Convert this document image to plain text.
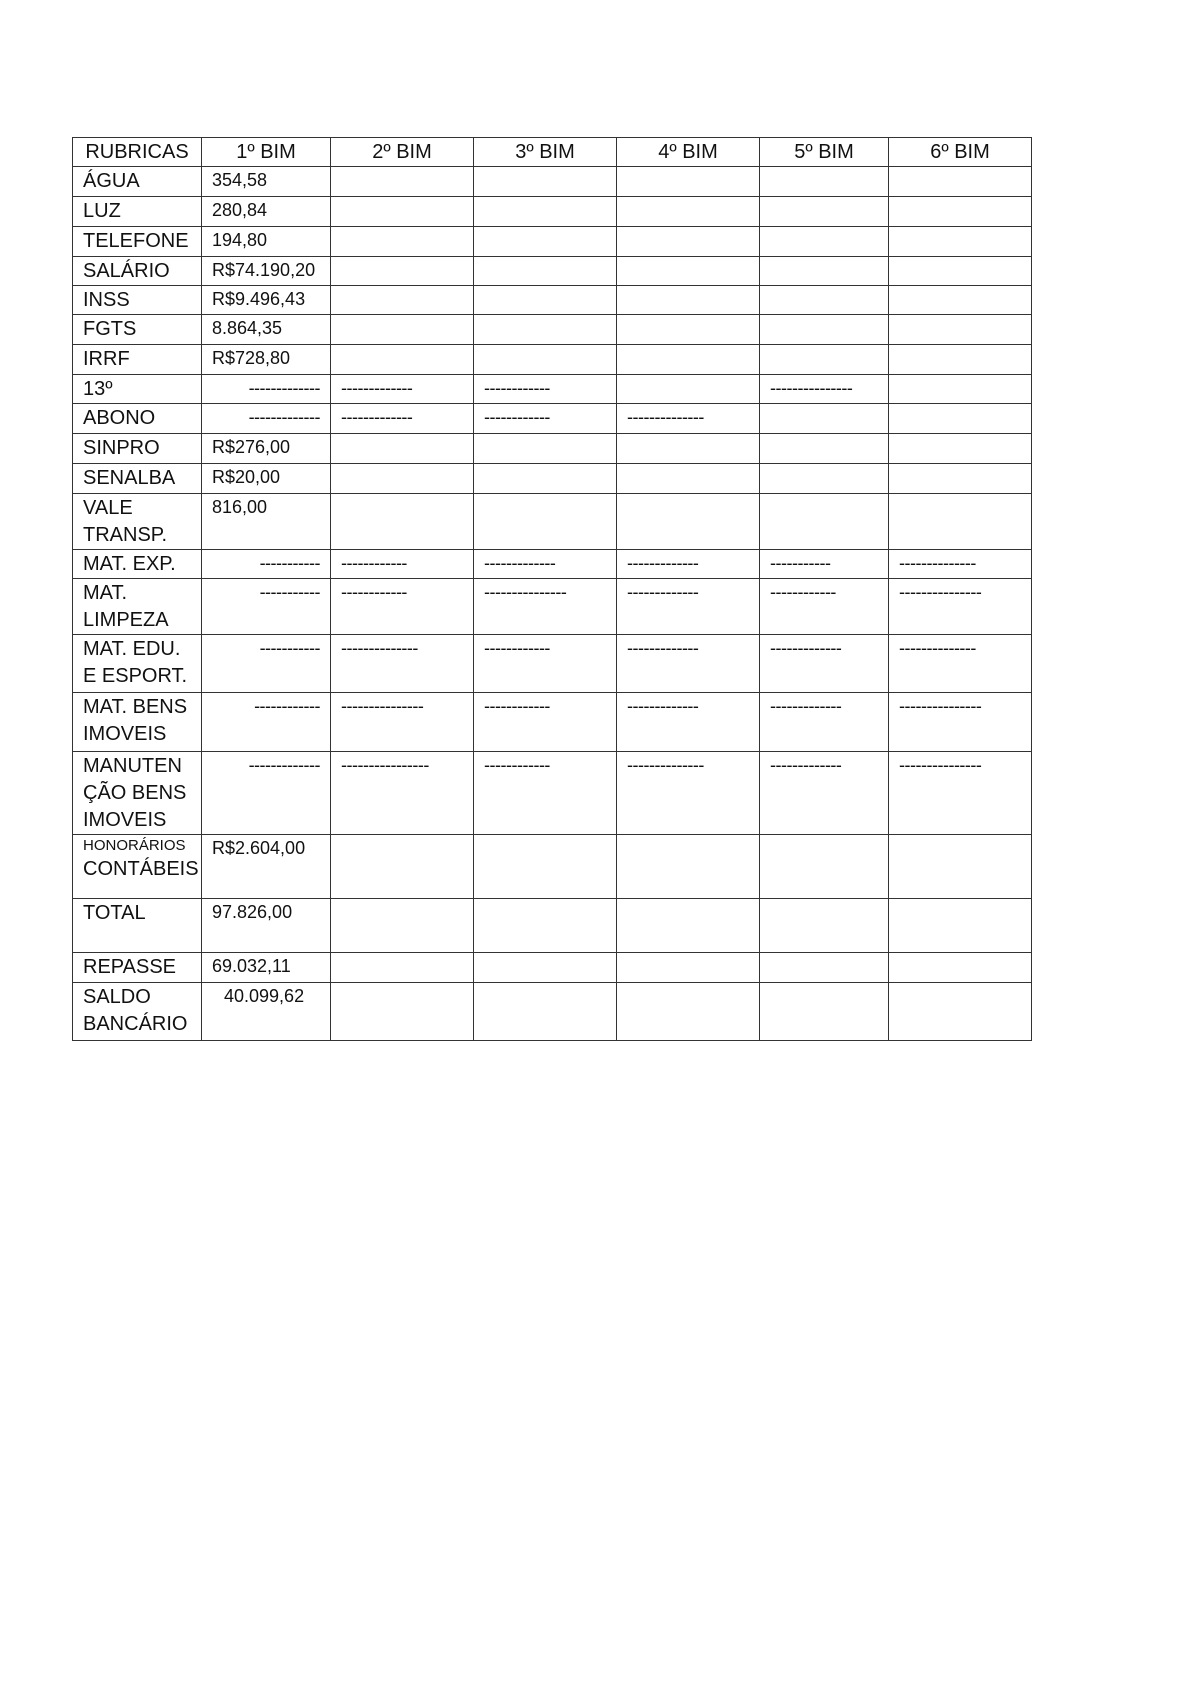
RUBRICAS	1º BIM	2º BIM	3º BIM	4º BIM	5º BIM	6º BIM
ÁGUA	354,58					
LUZ	280,84					
TELEFONE	194,80					
SALÁRIO	R$74.190,20					
INSS	R$9.496,43					
FGTS	8.864,35					
IRRF	R$728,80					
13º	-------------	-------------	------------		---------------	
ABONO	-------------	-------------	------------	--------------		
SINPRO	R$276,00					
SENALBA	R$20,00					
VALE
TRANSP.	816,00					
MAT. EXP.	-----------	------------	-------------	-------------	-----------	--------------
MAT.
LIMPEZA	-----------	------------	---------------	-------------	------------	---------------
MAT. EDU.
E ESPORT.	-----------	--------------	------------	-------------	-------------	--------------
MAT. BENS
IMOVEIS	------------	---------------	------------	-------------	-------------	---------------
MANUTEN
ÇÃO BENS
IMOVEIS	-------------	----------------	------------	--------------	-------------	---------------

HONORÁRIOS
CONTÁBEIS	R$2.604,00					
TOTAL	97.826,00					
REPASSE	69.032,11					
SALDO
BANCÁRIO	40.099,62					
